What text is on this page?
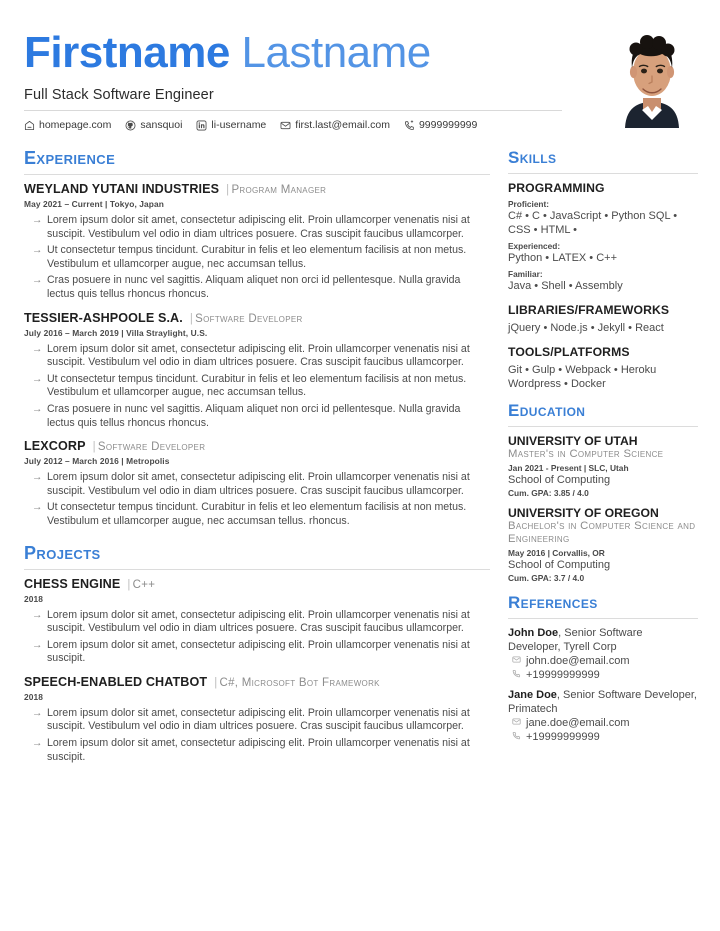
Firstname Lastname
Full Stack Software Engineer
homepage.com	sansquoi	li-username	first.last@email.com	9999999999
Experience
WEYLAND YUTANI INDUSTRIES | Program Manager
May 2021 – Current | Tokyo, Japan
→ Lorem ipsum dolor sit amet, consectetur adipiscing elit. Proin ullamcorper venenatis nisi at suscipit. Vestibulum vel odio in diam ultrices posuere. Cras suscipit faucibus ullamcorper.
→ Ut consectetur tempus tincidunt. Curabitur in felis et leo elementum facilisis at non metus. Vestibulum et ullamcorper augue, nec accumsan tellus.
→ Cras posuere in nunc vel sagittis. Aliquam aliquet non orci id pellentesque. Nulla gravida lectus quis tellus rhoncus rhoncus.
TESSIER-ASHPOOLE S.A. | Software Developer
July 2016 – March 2019 | Villa Straylight, U.S.
→ Lorem ipsum dolor sit amet, consectetur adipiscing elit. Proin ullamcorper venenatis nisi at suscipit. Vestibulum vel odio in diam ultrices posuere. Cras suscipit faucibus ullamcorper.
→ Ut consectetur tempus tincidunt. Curabitur in felis et leo elementum facilisis at non metus. Vestibulum et ullamcorper augue, nec accumsan tellus.
→ Cras posuere in nunc vel sagittis. Aliquam aliquet non orci id pellentesque. Nulla gravida lectus quis tellus rhoncus rhoncus.
LEXCORP | Software Developer
July 2012 – March 2016 | Metropolis
→ Lorem ipsum dolor sit amet, consectetur adipiscing elit. Proin ullamcorper venenatis nisi at suscipit. Vestibulum vel odio in diam ultrices posuere. Cras suscipit faucibus ullamcorper.
→ Ut consectetur tempus tincidunt. Curabitur in felis et leo elementum facilisis at non metus. Vestibulum et ullamcorper augue, nec accumsan tellus. rhoncus.
Projects
CHESS ENGINE | C++
2018
→ Lorem ipsum dolor sit amet, consectetur adipiscing elit. Proin ullamcorper venenatis nisi at suscipit. Vestibulum vel odio in diam ultrices posuere. Cras suscipit faucibus ullamcorper.
→ Lorem ipsum dolor sit amet, consectetur adipiscing elit. Proin ullamcorper venenatis nisi at suscipit.
SPEECH-ENABLED CHATBOT | C#, Microsoft Bot Framework
2018
→ Lorem ipsum dolor sit amet, consectetur adipiscing elit. Proin ullamcorper venenatis nisi at suscipit. Vestibulum vel odio in diam ultrices posuere. Cras suscipit faucibus ullamcorper.
→ Lorem ipsum dolor sit amet, consectetur adipiscing elit. Proin ullamcorper venenatis nisi at suscipit.
Skills
PROGRAMMING
Proficient:
C# • C • JavaScript • Python SQL • CSS • HTML •
Experienced:
Python • LATEX • C++
Familiar:
Java • Shell • Assembly
LIBRARIES/FRAMEWORKS
jQuery • Node.js • Jekyll • React
TOOLS/PLATFORMS
Git • Gulp • Webpack • Heroku Wordpress • Docker
Education
UNIVERSITY OF UTAH
Master's in Computer Science
Jan 2021 - Present | SLC, Utah
School of Computing
Cum. GPA: 3.85 / 4.0
UNIVERSITY OF OREGON
Bachelor's in Computer Science and Engineering
May 2016 | Corvallis, OR
School of Computing
Cum. GPA: 3.7 / 4.0
References
John Doe, Senior Software Developer, Tyrell Corp
john.doe@email.com
+19999999999
Jane Doe, Senior Software Developer, Primatech
jane.doe@email.com
+19999999999
